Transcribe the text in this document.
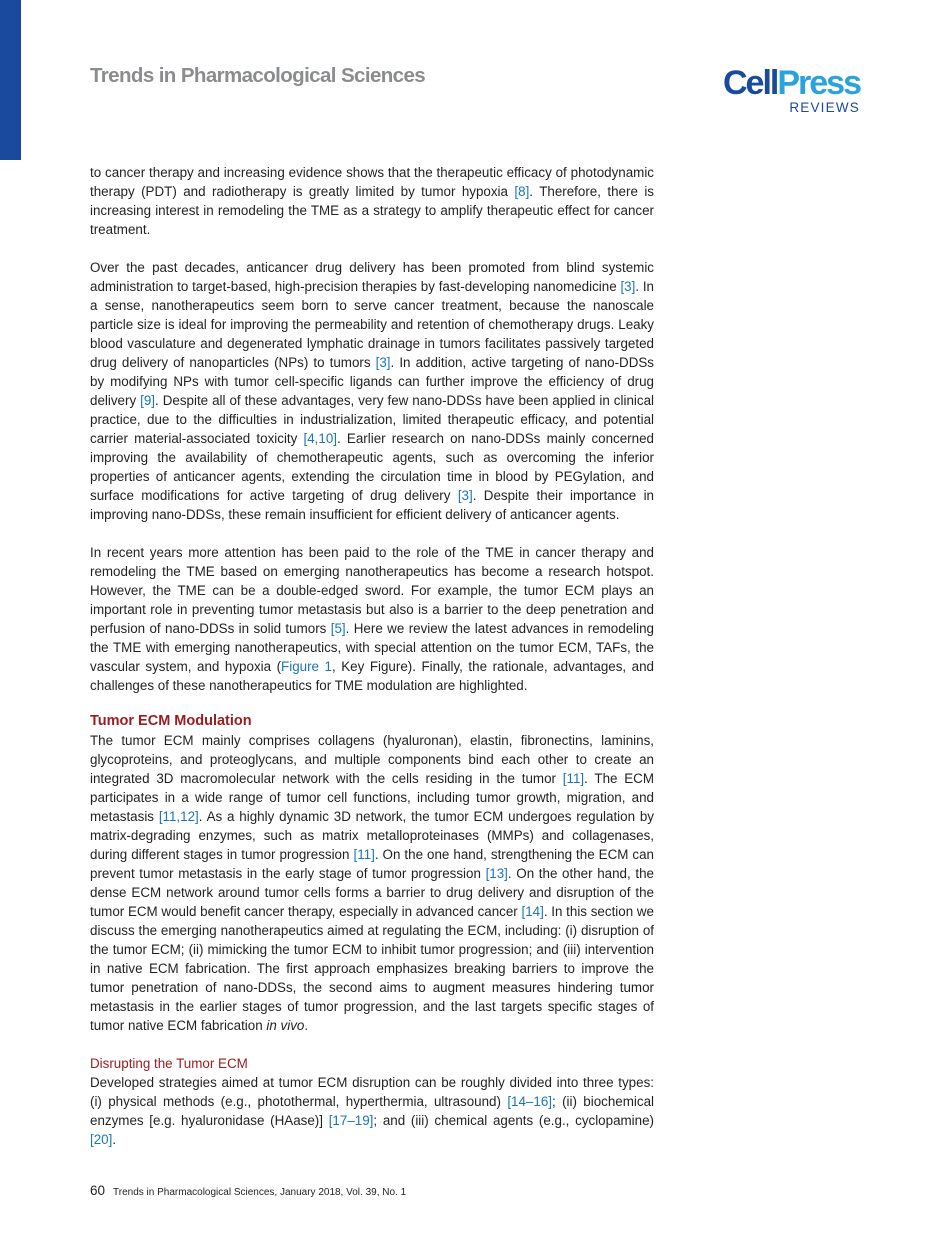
Trends in Pharmacological Sciences	CellPress
REVIEWS

to cancer therapy and increasing evidence shows that the therapeutic efficacy of photodynamic therapy (PDT) and radiotherapy is greatly limited by tumor hypoxia [8]. Therefore, there is increasing interest in remodeling the TME as a strategy to amplify therapeutic effect for cancer treatment.

Over the past decades, anticancer drug delivery has been promoted from blind systemic administration to target-based, high-precision therapies by fast-developing nanomedicine [3]. In a sense, nanotherapeutics seem born to serve cancer treatment, because the nanoscale particle size is ideal for improving the permeability and retention of chemotherapy drugs. Leaky blood vasculature and degenerated lymphatic drainage in tumors facilitates passively targeted drug delivery of nanoparticles (NPs) to tumors [3]. In addition, active targeting of nano-DDSs by modifying NPs with tumor cell-specific ligands can further improve the efficiency of drug delivery [9]. Despite all of these advantages, very few nano-DDSs have been applied in clinical practice, due to the difficulties in industrialization, limited therapeutic efficacy, and potential carrier material-associated toxicity [4,10]. Earlier research on nano-DDSs mainly concerned improving the availability of chemotherapeutic agents, such as overcoming the inferior properties of anticancer agents, extending the circulation time in blood by PEGylation, and surface modifications for active targeting of drug delivery [3]. Despite their importance in improving nano-DDSs, these remain insufficient for efficient delivery of anticancer agents.

In recent years more attention has been paid to the role of the TME in cancer therapy and remodeling the TME based on emerging nanotherapeutics has become a research hotspot. However, the TME can be a double-edged sword. For example, the tumor ECM plays an important role in preventing tumor metastasis but also is a barrier to the deep penetration and perfusion of nano-DDSs in solid tumors [5]. Here we review the latest advances in remodeling the TME with emerging nanotherapeutics, with special attention on the tumor ECM, TAFs, the vascular system, and hypoxia (Figure 1, Key Figure). Finally, the rationale, advantages, and challenges of these nanotherapeutics for TME modulation are highlighted.

Tumor ECM Modulation

The tumor ECM mainly comprises collagens (hyaluronan), elastin, fibronectins, laminins, glycoproteins, and proteoglycans, and multiple components bind each other to create an integrated 3D macromolecular network with the cells residing in the tumor [11]. The ECM participates in a wide range of tumor cell functions, including tumor growth, migration, and metastasis [11,12]. As a highly dynamic 3D network, the tumor ECM undergoes regulation by matrix-degrading enzymes, such as matrix metalloproteinases (MMPs) and collagenases, during different stages in tumor progression [11]. On the one hand, strengthening the ECM can prevent tumor metastasis in the early stage of tumor progression [13]. On the other hand, the dense ECM network around tumor cells forms a barrier to drug delivery and disruption of the tumor ECM would benefit cancer therapy, especially in advanced cancer [14]. In this section we discuss the emerging nanotherapeutics aimed at regulating the ECM, including: (i) disruption of the tumor ECM; (ii) mimicking the tumor ECM to inhibit tumor progression; and (iii) intervention in native ECM fabrication. The first approach emphasizes breaking barriers to improve the tumor penetration of nano-DDSs, the second aims to augment measures hindering tumor metastasis in the earlier stages of tumor progression, and the last targets specific stages of tumor native ECM fabrication in vivo.

Disrupting the Tumor ECM

Developed strategies aimed at tumor ECM disruption can be roughly divided into three types: (i) physical methods (e.g., photothermal, hyperthermia, ultrasound) [14–16]; (ii) biochemical enzymes [e.g. hyaluronidase (HAase)] [17–19]; and (iii) chemical agents (e.g., cyclopamine) [20].

60 Trends in Pharmacological Sciences, January 2018, Vol. 39, No. 1
